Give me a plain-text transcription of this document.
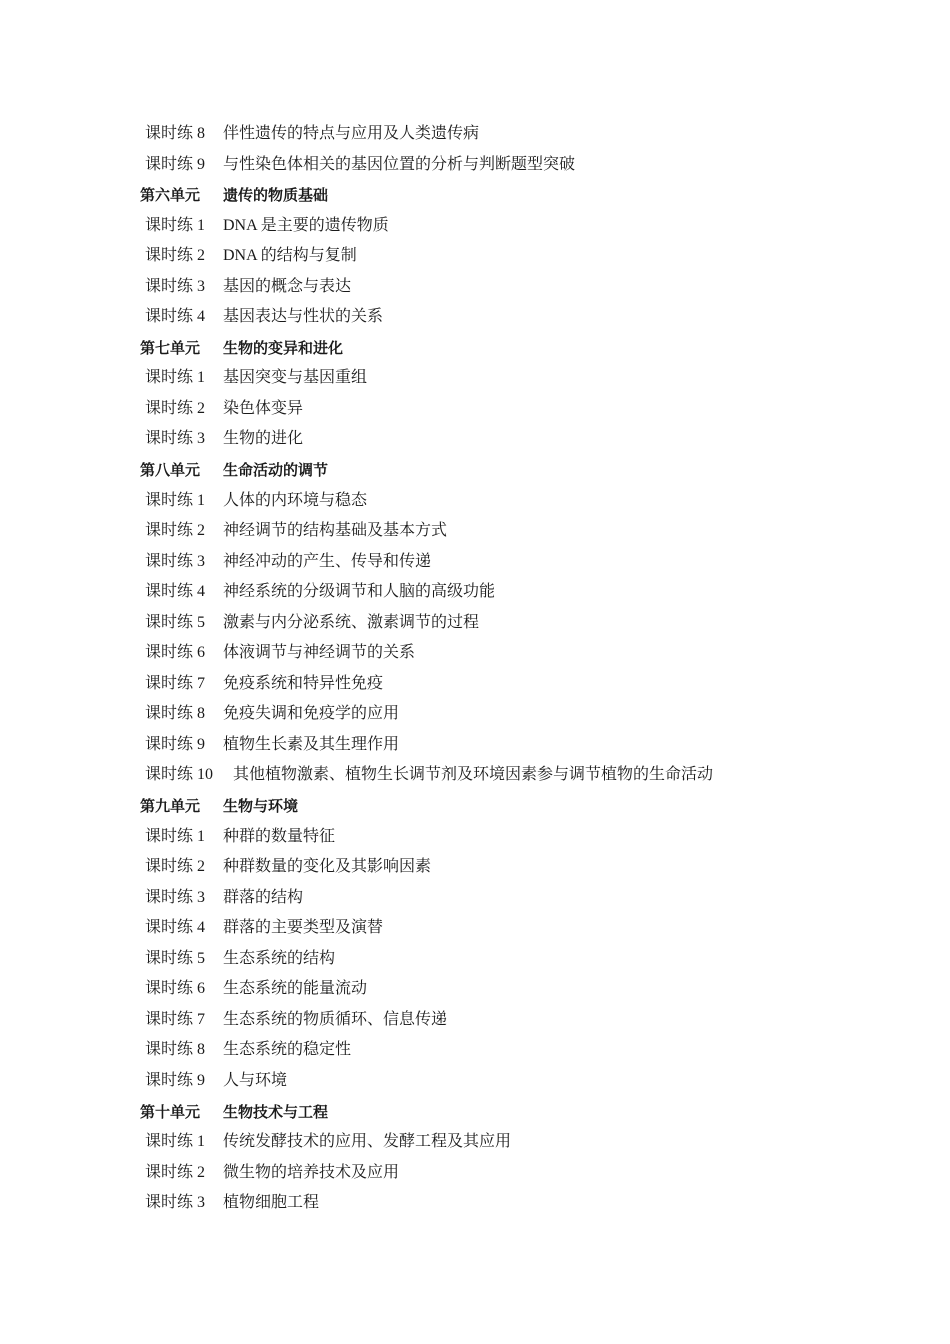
课时练 8 伴性遗传的特点与应用及人类遗传病
课时练 9 与性染色体相关的基因位置的分析与判断题型突破
第六单元 遗传的物质基础
课时练 1 DNA 是主要的遗传物质
课时练 2 DNA 的结构与复制
课时练 3 基因的概念与表达
课时练 4 基因表达与性状的关系
第七单元 生物的变异和进化
课时练 1 基因突变与基因重组
课时练 2 染色体变异
课时练 3 生物的进化
第八单元 生命活动的调节
课时练 1 人体的内环境与稳态
课时练 2 神经调节的结构基础及基本方式
课时练 3 神经冲动的产生、传导和传递
课时练 4 神经系统的分级调节和人脑的高级功能
课时练 5 激素与内分泌系统、激素调节的过程
课时练 6 体液调节与神经调节的关系
课时练 7 免疫系统和特异性免疫
课时练 8 免疫失调和免疫学的应用
课时练 9 植物生长素及其生理作用
课时练 10 其他植物激素、植物生长调节剂及环境因素参与调节植物的生命活动
第九单元 生物与环境
课时练 1 种群的数量特征
课时练 2 种群数量的变化及其影响因素
课时练 3 群落的结构
课时练 4 群落的主要类型及演替
课时练 5 生态系统的结构
课时练 6 生态系统的能量流动
课时练 7 生态系统的物质循环、信息传递
课时练 8 生态系统的稳定性
课时练 9 人与环境
第十单元 生物技术与工程
课时练 1 传统发酵技术的应用、发酵工程及其应用
课时练 2 微生物的培养技术及应用
课时练 3 植物细胞工程
